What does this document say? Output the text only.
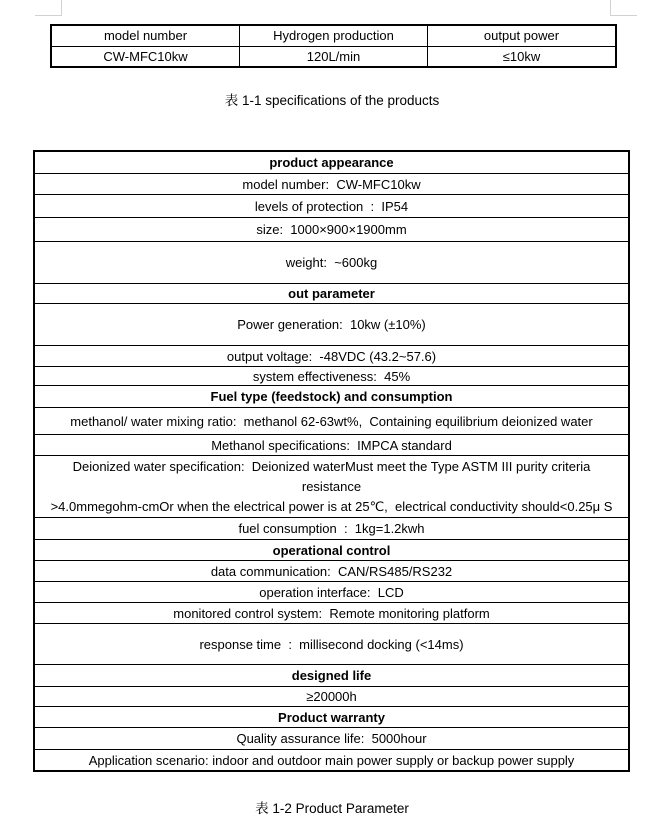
model number	Hydrogen production	output power
CW-MFC10kw	120L/min	≤10kw
表 1-1 specifications of the products
product appearance
model number:  CW-MFC10kw
levels of protection  :  IP54
size:  1000×900×1900mm
weight:  ~600kg
out parameter
Power generation:  10kw (±10%)
output voltage:  -48VDC (43.2~57.6)
system effectiveness:  45%
Fuel type (feedstock) and consumption
methanol/ water mixing ratio:  methanol 62-63wt%,  Containing equilibrium deionized water
Methanol specifications:  IMPCA standard
Deionized water specification:  Deionized waterMust meet the Type ASTM III purity criteria
resistance
>4.0mmegohm-cmOr when the electrical power is at 25℃,  electrical conductivity should<0.25μ S
fuel consumption  :  1kg=1.2kwh
operational control
data communication:  CAN/RS485/RS232
operation interface:  LCD
monitored control system:  Remote monitoring platform
response time  :  millisecond docking (<14ms)
designed life
≥20000h
Product warranty
Quality assurance life:  5000hour
Application scenario: indoor and outdoor main power supply or backup power supply
表 1-2 Product Parameter
